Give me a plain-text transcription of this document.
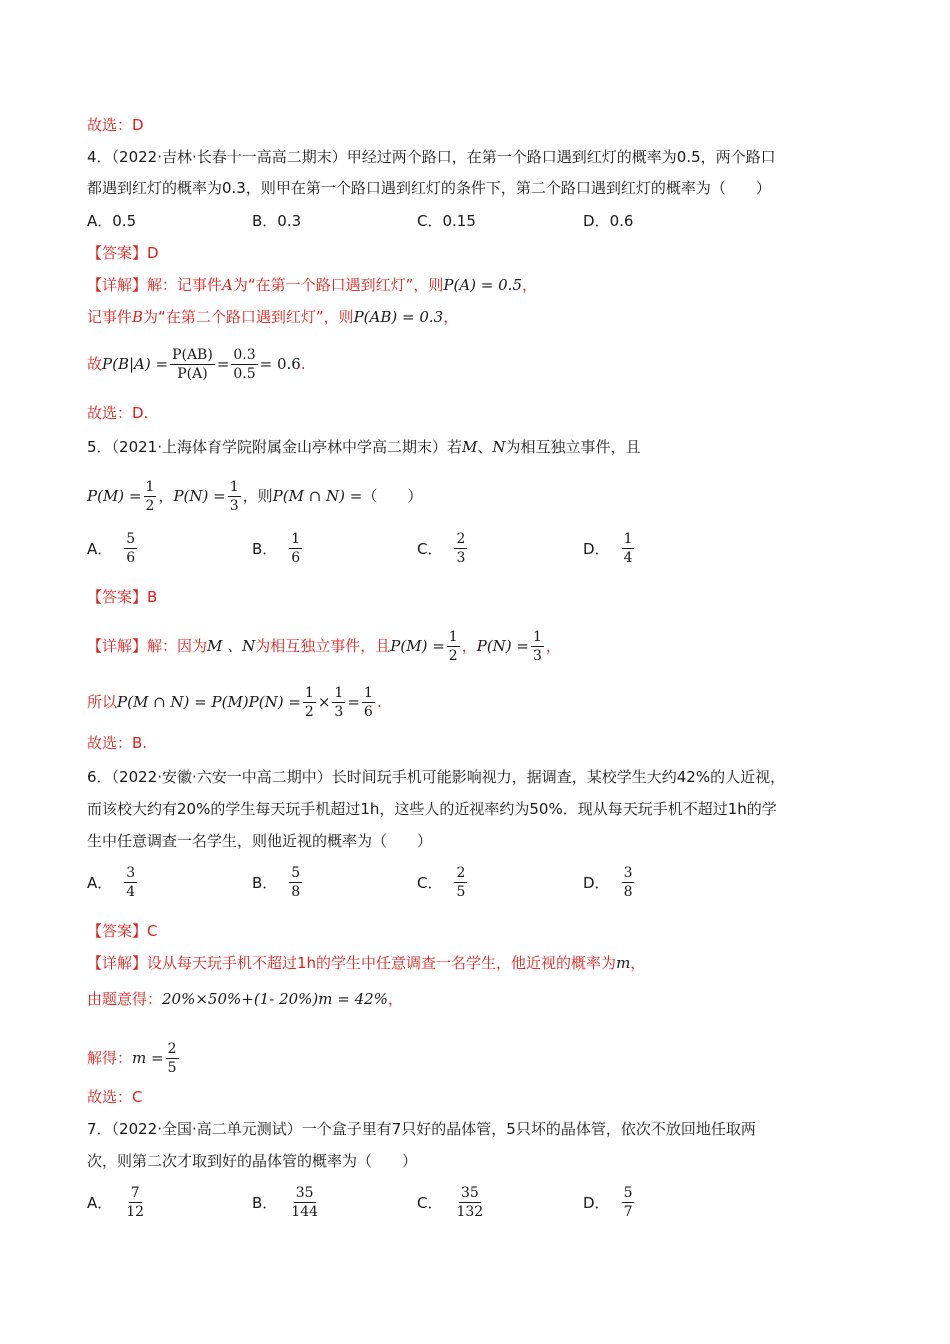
故选：D
4．（2022·吉林·长春十一高高二期末）甲经过两个路口，在第一个路口遇到红灯的概率为0.5，两个路口
都遇到红灯的概率为0.3，则甲在第一个路口遇到红灯的条件下，第二个路口遇到红灯的概率为（　　）
A．0.5	B．0.3	C．0.15	D．0.6
【答案】D
【详解】解：记事件A为“在第一个路口遇到红灯”，则P(A) = 0.5，
记事件B为“在第二个路口遇到红灯”，则P(AB) = 0.3，
故$P(B|A) = \frac{P(AB)}{P(A)} = \frac{0.3}{0.5} = 0.6$.
故选：D.
5．（2021·上海体育学院附属金山亭林中学高二期末）若M、N为相互独立事件，且
$P(M) = \frac{1}{2}$ ，$P(N) = \frac{1}{3}$ ，则P(M ∩ N) =（　　）
A． $\frac{5}{6}$	B． $\frac{1}{6}$	C． $\frac{2}{3}$	D． $\frac{1}{4}$
【答案】B
【详解】解：因为M 、N为相互独立事件，且$P(M) = \frac{1}{2}$ ，$P(N) = \frac{1}{3}$ ，
所以P(M ∩ $N) = P(M)P(N) = \frac{1}{2} \times \frac{1}{3} = \frac{1}{6}$ .
故选：B.
6．（2022·安徽·六安一中高二期中）长时间玩手机可能影响视力，据调查，某校学生大约42%的人近视，
而该校大约有20%的学生每天玩手机超过1h，这些人的近视率约为50%．现从每天玩手机不超过1h的学
生中任意调查一名学生，则他近视的概率为（　　）
A． $\frac{3}{4}$	B． $\frac{5}{8}$	C． $\frac{2}{5}$	D． $\frac{3}{8}$
【答案】C
【详解】设从每天玩手机不超过1h的学生中任意调查一名学生，他近视的概率为m，
由题意得：20%×50%+(1- 20%)m = 42%，
解得：$m = \frac{2}{5}$
故选：C
7．（2022·全国·高二单元测试）一个盒子里有7只好的晶体管，5只坏的晶体管，依次不放回地任取两
次，则第二次才取到好的晶体管的概率为（　　）
A． $\frac{7}{12}$	B． $\frac{35}{144}$	C． $\frac{35}{132}$	D． $\frac{5}{7}$
